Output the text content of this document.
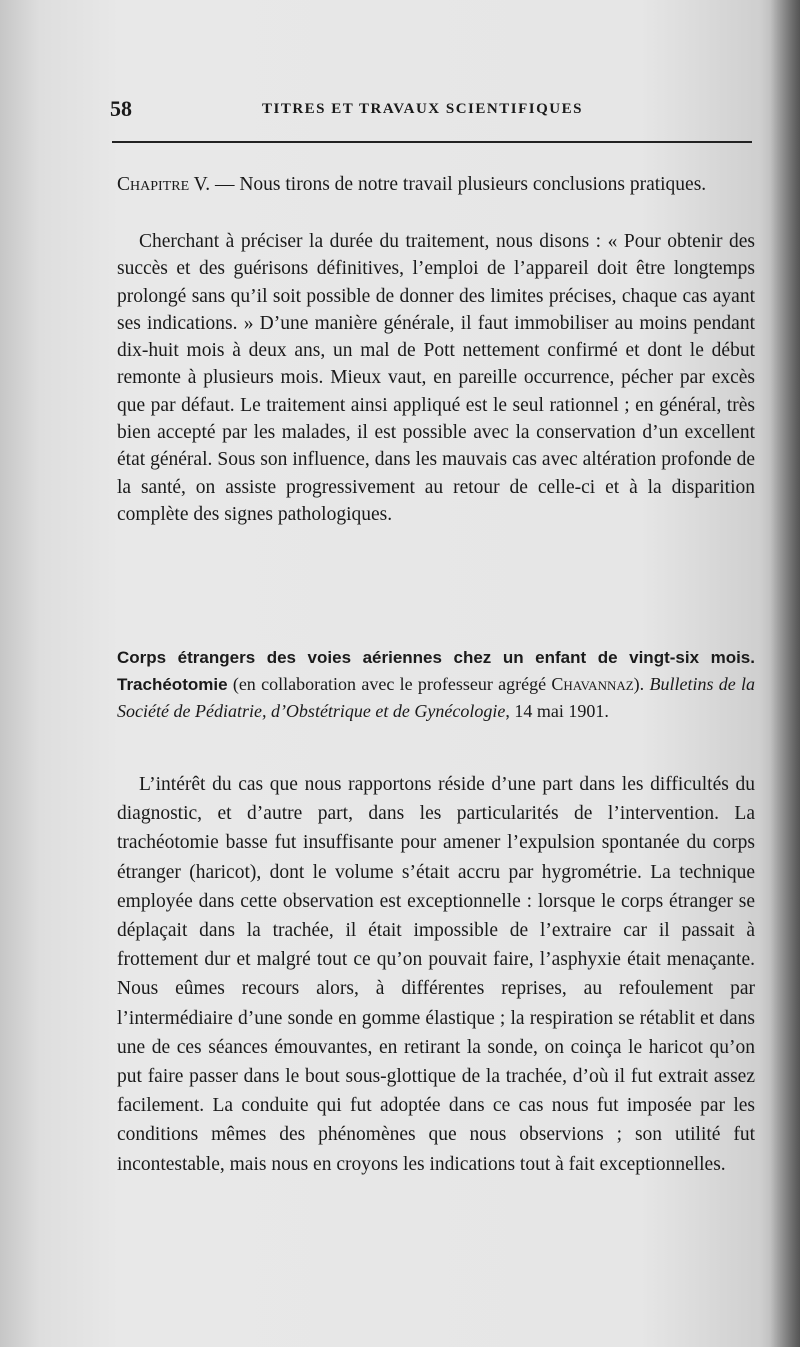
58	TITRES ET TRAVAUX SCIENTIFIQUES
Chapitre V. — Nous tirons de notre travail plusieurs conclusions pratiques.
Cherchant à préciser la durée du traitement, nous disons : « Pour obtenir des succès et des guérisons définitives, l’emploi de l’appareil doit être longtemps prolongé sans qu’il soit possible de donner des limites précises, chaque cas ayant ses indications. » D’une manière générale, il faut immobiliser au moins pendant dix-huit mois à deux ans, un mal de Pott nettement confirmé et dont le début remonte à plusieurs mois. Mieux vaut, en pareille occurrence, pécher par excès que par défaut. Le traitement ainsi appliqué est le seul rationnel ; en général, très bien accepté par les malades, il est possible avec la conservation d’un excellent état général. Sous son influence, dans les mauvais cas avec altération profonde de la santé, on assiste progressivement au retour de celle-ci et à la disparition complète des signes pathologiques.
Corps étrangers des voies aériennes chez un enfant de vingt-six mois. Trachéotomie (en collaboration avec le professeur agrégé Chavannaz). Bulletins de la Société de Pédiatrie, d’Obstétrique et de Gynécologie, 14 mai 1901.
L’intérêt du cas que nous rapportons réside d’une part dans les difficultés du diagnostic, et d’autre part, dans les particularités de l’intervention. La trachéotomie basse fut insuffisante pour amener l’expulsion spontanée du corps étranger (haricot), dont le volume s’était accru par hygrométrie. La technique employée dans cette observation est exceptionnelle : lorsque le corps étranger se déplaçait dans la trachée, il était impossible de l’extraire car il passait à frottement dur et malgré tout ce qu’on pouvait faire, l’asphyxie était menaçante. Nous eûmes recours alors, à différentes reprises, au refoulement par l’intermédiaire d’une sonde en gomme élastique ; la respiration se rétablit et dans une de ces séances émouvantes, en retirant la sonde, on coinça le haricot qu’on put faire passer dans le bout sous-glottique de la trachée, d’où il fut extrait assez facilement. La conduite qui fut adoptée dans ce cas nous fut imposée par les conditions mêmes des phénomènes que nous observions ; son utilité fut incontestable, mais nous en croyons les indications tout à fait exceptionnelles.
